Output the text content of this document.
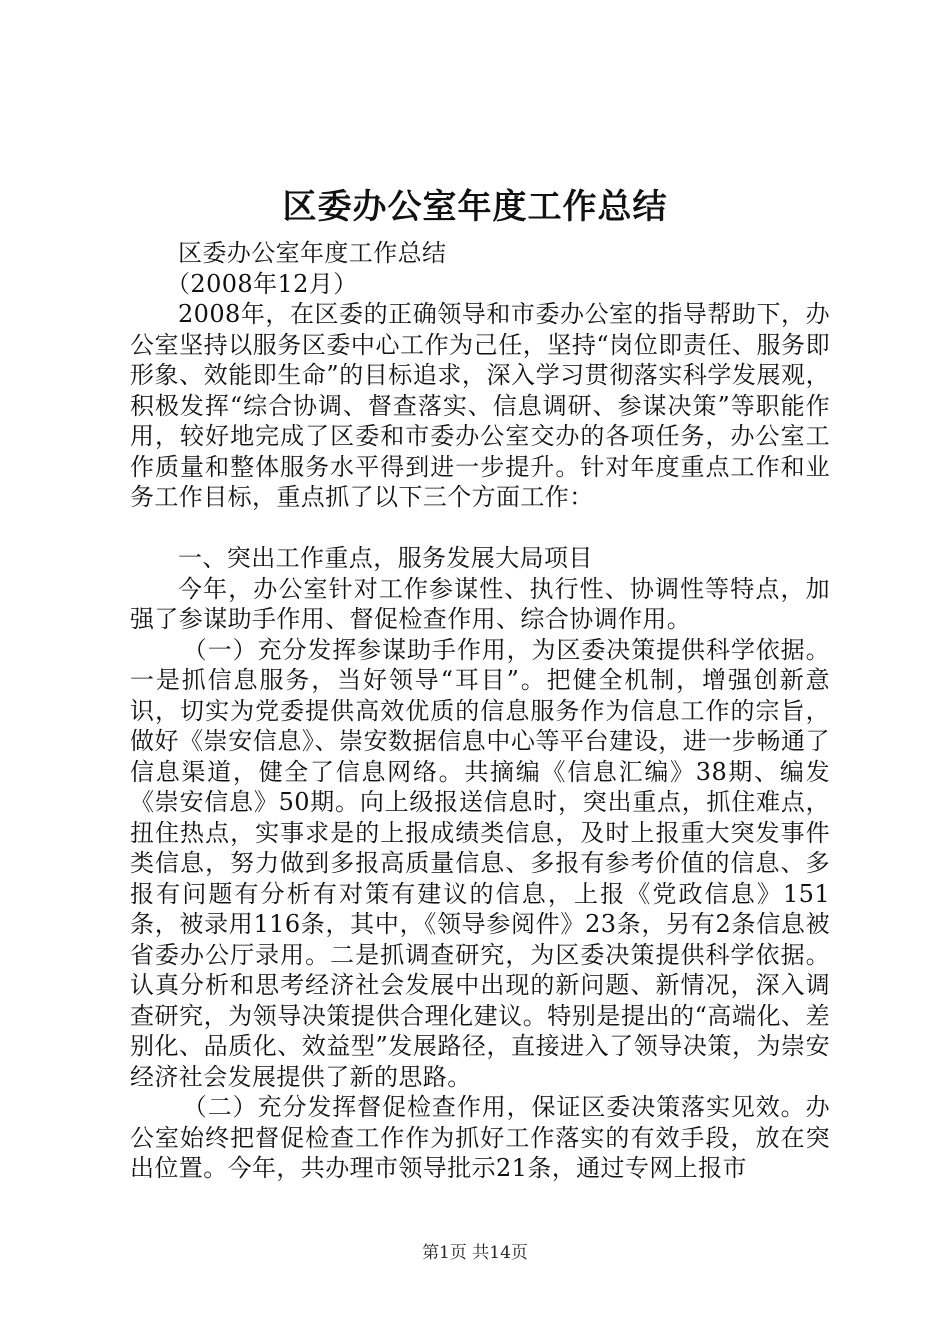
区委办公室年度工作总结

区委办公室年度工作总结

（2008年12月）

2008年，在区委的正确领导和市委办公室的指导帮助下，办公室坚持以服务区委中心工作为己任，坚持“岗位即责任、服务即形象、效能即生命”的目标追求，深入学习贯彻落实科学发展观，积极发挥“综合协调、督查落实、信息调研、参谋决策”等职能作用，较好地完成了区委和市委办公室交办的各项任务，办公室工作质量和整体服务水平得到进一步提升。针对年度重点工作和业务工作目标，重点抓了以下三个方面工作：

一、突出工作重点，服务发展大局项目

今年，办公室针对工作参谋性、执行性、协调性等特点，加强了参谋助手作用、督促检查作用、综合协调作用。

（一）充分发挥参谋助手作用，为区委决策提供科学依据。一是抓信息服务，当好领导“耳目”。把健全机制，增强创新意识，切实为党委提供高效优质的信息服务作为信息工作的宗旨，做好《崇安信息》、崇安数据信息中心等平台建设，进一步畅通了信息渠道，健全了信息网络。共摘编《信息汇编》38期、编发《崇安信息》50期。向上级报送信息时，突出重点，抓住难点，扭住热点，实事求是的上报成绩类信息，及时上报重大突发事件类信息，努力做到多报高质量信息、多报有参考价值的信息、多报有问题有分析有对策有建议的信息，上报《党政信息》151条，被录用116条，其中，《领导参阅件》23条，另有2条信息被省委办公厅录用。二是抓调查研究，为区委决策提供科学依据。认真分析和思考经济社会发展中出现的新问题、新情况，深入调查研究，为领导决策提供合理化建议。特别是提出的“高端化、差别化、品质化、效益型”发展路径，直接进入了领导决策，为崇安经济社会发展提供了新的思路。

（二）充分发挥督促检查作用，保证区委决策落实见效。办公室始终把督促检查工作作为抓好工作落实的有效手段，放在突出位置。今年，共办理市领导批示21条，通过专网上报市

第1页 共14页
